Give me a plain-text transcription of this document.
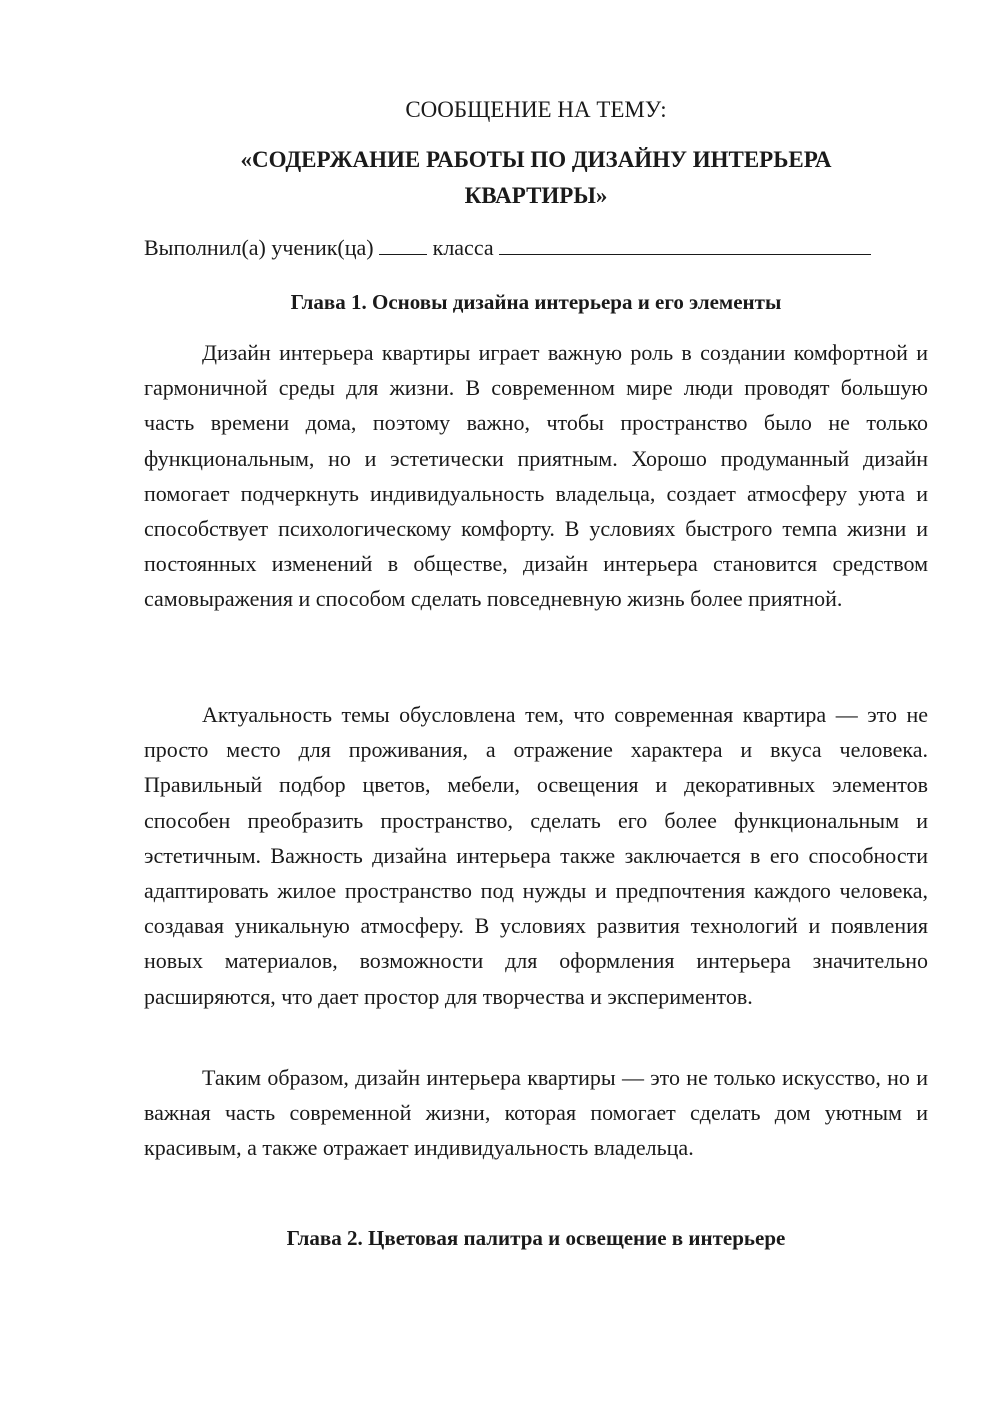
СООБЩЕНИЕ НА ТЕМУ:

«СОДЕРЖАНИЕ РАБОТЫ ПО ДИЗАЙНУ ИНТЕРЬЕРА
КВАРТИРЫ»
Выполнил(а) ученик(ца)	класса
Глава 1. Основы дизайна интерьера и его элементы

Дизайн интерьера квартиры играет важную роль в создании комфортной и гармоничной среды для жизни. В современном мире люди проводят большую часть времени дома, поэтому важно, чтобы пространство было не только функциональным, но и эстетически приятным. Хорошо продуманный дизайн помогает подчеркнуть индивидуальность владельца, создает атмосферу уюта и способствует психологическому комфорту. В условиях быстрого темпа жизни и постоянных изменений в обществе, дизайн интерьера становится средством самовыражения и способом сделать повседневную жизнь более приятной.

Актуальность темы обусловлена тем, что современная квартира — это не просто место для проживания, а отражение характера и вкуса человека. Правильный подбор цветов, мебели, освещения и декоративных элементов способен преобразить пространство, сделать его более функциональным и эстетичным. Важность дизайна интерьера также заключается в его способности адаптировать жилое пространство под нужды и предпочтения каждого человека, создавая уникальную атмосферу. В условиях развития технологий и появления новых материалов, возможности для оформления интерьера значительно расширяются, что дает простор для творчества и экспериментов.

Таким образом, дизайн интерьера квартиры — это не только искусство, но и важная часть современной жизни, которая помогает сделать дом уютным и красивым, а также отражает индивидуальность владельца.

Глава 2. Цветовая палитра и освещение в интерьере
